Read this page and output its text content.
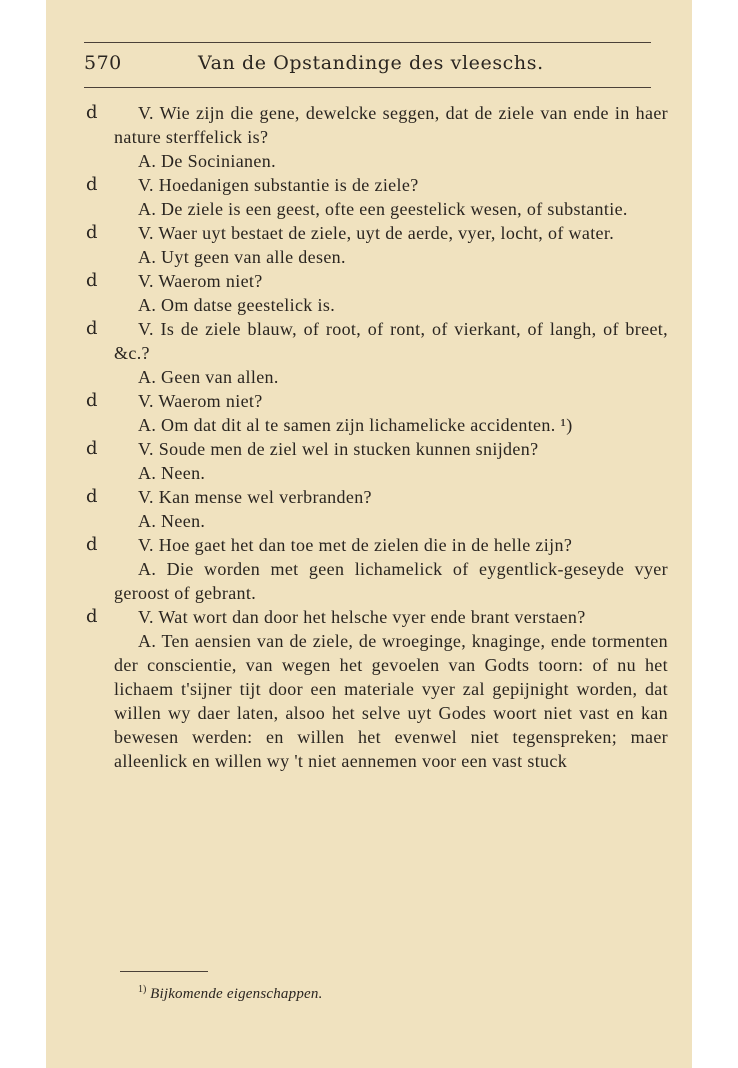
570	Van de Opstandinge des vleeschs.
d	V. Wie zijn die gene, dewelcke seggen, dat de ziele van ende in haer nature sterffelick is?

A. De Socinianen.

d	V. Hoedanigen substantie is de ziele?

A. De ziele is een geest, ofte een geestelick wesen, of substantie.

d	V. Waer uyt bestaet de ziele, uyt de aerde, vyer, locht, of water.

A. Uyt geen van alle desen.

d	V. Waerom niet?

A. Om datse geestelick is.

d	V. Is de ziele blauw, of root, of ront, of vierkant, of langh, of breet, &c.?

A. Geen van allen.

d	V. Waerom niet?

A. Om dat dit al te samen zijn lichamelicke accidenten. ¹)

d	V. Soude men de ziel wel in stucken kunnen snijden?

A. Neen.

d	V. Kan mense wel verbranden?

A. Neen.

d	V. Hoe gaet het dan toe met de zielen die in de helle zijn?

A. Die worden met geen lichamelick of eygentlick-geseyde vyer geroost of gebrant.

d	V. Wat wort dan door het helsche vyer ende brant verstaen?

A. Ten aensien van de ziele, de wroeginge, knaginge, ende tormenten der conscientie, van wegen het gevoelen van Godts toorn: of nu het lichaem t'sijner tijt door een materiale vyer zal gepijnight worden, dat willen wy daer laten, alsoo het selve uyt Godes woort niet vast en kan bewesen werden: en willen het evenwel niet tegenspreken; maer alleenlick en willen wy 't niet aennemen voor een vast stuck

$^{1)}$ Bijkomende eigenschappen.
